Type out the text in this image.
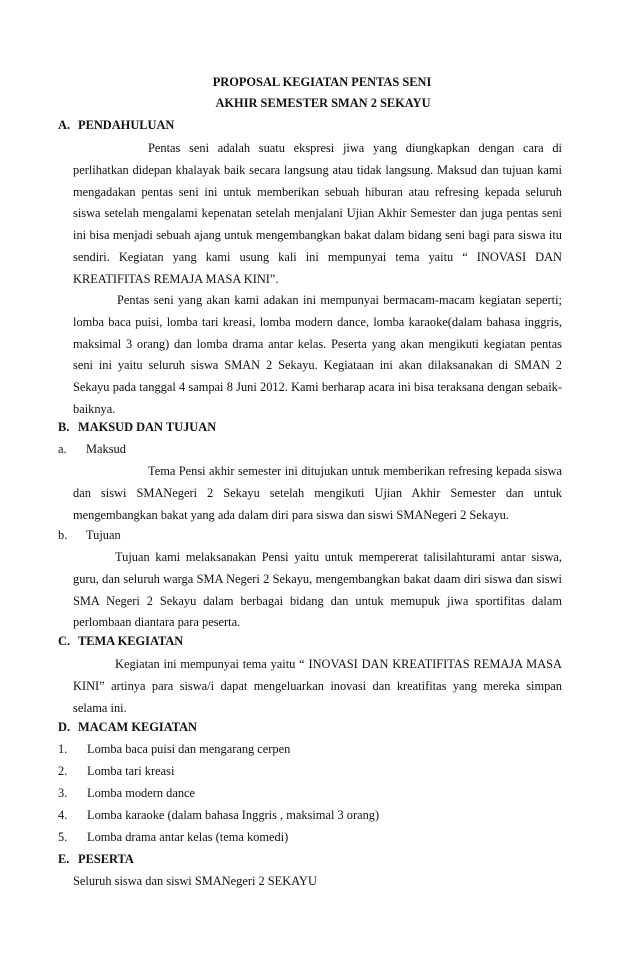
PROPOSAL KEGIATAN PENTAS SENI
AKHIR SEMESTER SMAN 2 SEKAYU
A. PENDAHULUAN

Pentas seni adalah suatu ekspresi jiwa yang diungkapkan dengan cara di perlihatkan didepan khalayak baik secara langsung atau tidak langsung. Maksud dan tujuan kami mengadakan pentas seni ini untuk memberikan sebuah hiburan atau refresing kepada seluruh siswa setelah mengalami kepenatan setelah menjalani Ujian Akhir Semester dan juga pentas seni ini bisa menjadi sebuah ajang untuk mengembangkan bakat dalam bidang seni bagi para siswa itu sendiri. Kegiatan yang kami usung kali ini mempunyai tema yaitu “ INOVASI DAN KREATIFITAS REMAJA MASA KINI”.

Pentas seni yang akan kami adakan ini mempunyai bermacam-macam kegiatan seperti; lomba baca puisi, lomba tari kreasi, lomba modern dance, lomba karaoke(dalam bahasa inggris, maksimal 3 orang) dan lomba drama antar kelas. Peserta yang akan mengikuti kegiatan pentas seni ini yaitu seluruh siswa SMAN 2 Sekayu. Kegiataan ini akan dilaksanakan di SMAN 2 Sekayu pada tanggal 4 sampai 8 Juni 2012. Kami berharap acara ini bisa teraksana dengan sebaik-baiknya.

B. MAKSUD DAN TUJUAN
a. Maksud

Tema Pensi akhir semester ini ditujukan untuk memberikan refresing kepada siswa dan siswi SMANegeri 2 Sekayu setelah mengikuti Ujian Akhir Semester dan untuk mengembangkan bakat yang ada dalam diri para siswa dan siswi SMANegeri 2 Sekayu.

b. Tujuan

Tujuan kami melaksanakan Pensi yaitu untuk mempererat talisilahturami antar siswa, guru, dan seluruh warga SMA Negeri 2 Sekayu, mengembangkan bakat daam diri siswa dan siswi SMA Negeri 2 Sekayu dalam berbagai bidang dan untuk memupuk jiwa sportifitas dalam perlombaan diantara para peserta.

C. TEMA KEGIATAN

Kegiatan ini mempunyai tema yaitu “ INOVASI DAN KREATIFITAS REMAJA MASA KINI” artinya para siswa/i dapat mengeluarkan inovasi dan kreatifitas yang mereka simpan selama ini.

D. MACAM KEGIATAN
1. Lomba baca puisi dan mengarang cerpen
2. Lomba tari kreasi
3. Lomba modern dance
4. Lomba karaoke (dalam bahasa Inggris , maksimal 3 orang)
5. Lomba drama antar kelas (tema komedi)
E. PESERTA
Seluruh siswa dan siswi SMANegeri 2 SEKAYU
